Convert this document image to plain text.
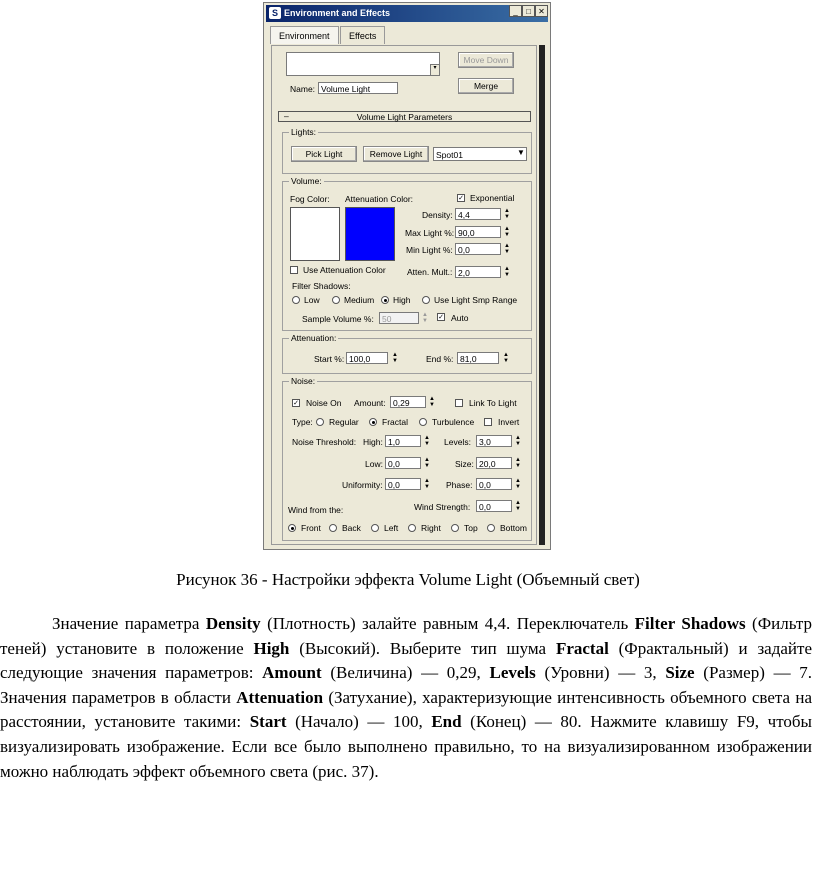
S Environment and Effects	_	□ ✕
Environment	Effects
▾
Move Down
Name: Volume Light	Merge
–	Volume Light Parameters
Lights:
Pick Light	Remove Light	Spot01	▼
Volume:
Fog Color: Attenuation Color:	✓ Exponential
Density: 4,4	▲
▼
Max Light %: 90,0	▲
▼
Min Light %: 0,0	▲
▼
Use Attenuation Color	Atten. Mult.: 2,0	▲
▼
Filter Shadows:
Low	Medium High	Use Light Smp Range
Sample Volume %: 50	▲
▼ ✓ Auto
Attenuation:
Start %: 100,0	▲
▼	End %: 81,0	▲
▼
Noise:
✓ Noise On Amount: 0,29	▲
▼	Link To Light
Type: Regular	Fractal	Turbulence	Invert
Noise Threshold: High: 1,0	▲
▼ Levels: 3,0	▲
▼
Low: 0,0	▲
▼	Size: 20,0	▲
▼
Uniformity: 0,0	▲
▼ Phase: 0,0	▲
▼
Wind from the:	Wind Strength:	0,0	▲
▼
Front Back	Left	Right	Top	Bottom
Рисунок 36 - Настройки эффекта Volume Light (Объемный свет)

Значение параметра Density (Плотность) залайте равным 4,4. Переключатель Filter Shadows (Фильтр теней) установите в положение High (Высокий). Выберите тип шума Fractal (Фрактальный) и задайте следующие значения параметров: Amount (Величина) — 0,29, Levels (Уровни) — 3, Size (Размер) — 7. Значения параметров в области Attenuation (Затухание), характеризующие интенсивность объемного света на расстоянии, установите такими: Start (Начало) — 100, End (Конец) — 80. Нажмите клавишу F9, чтобы визуализировать изображение. Если все было выполнено правильно, то на визуализированном изображении можно наблюдать эффект объемного света (рис. 37).
